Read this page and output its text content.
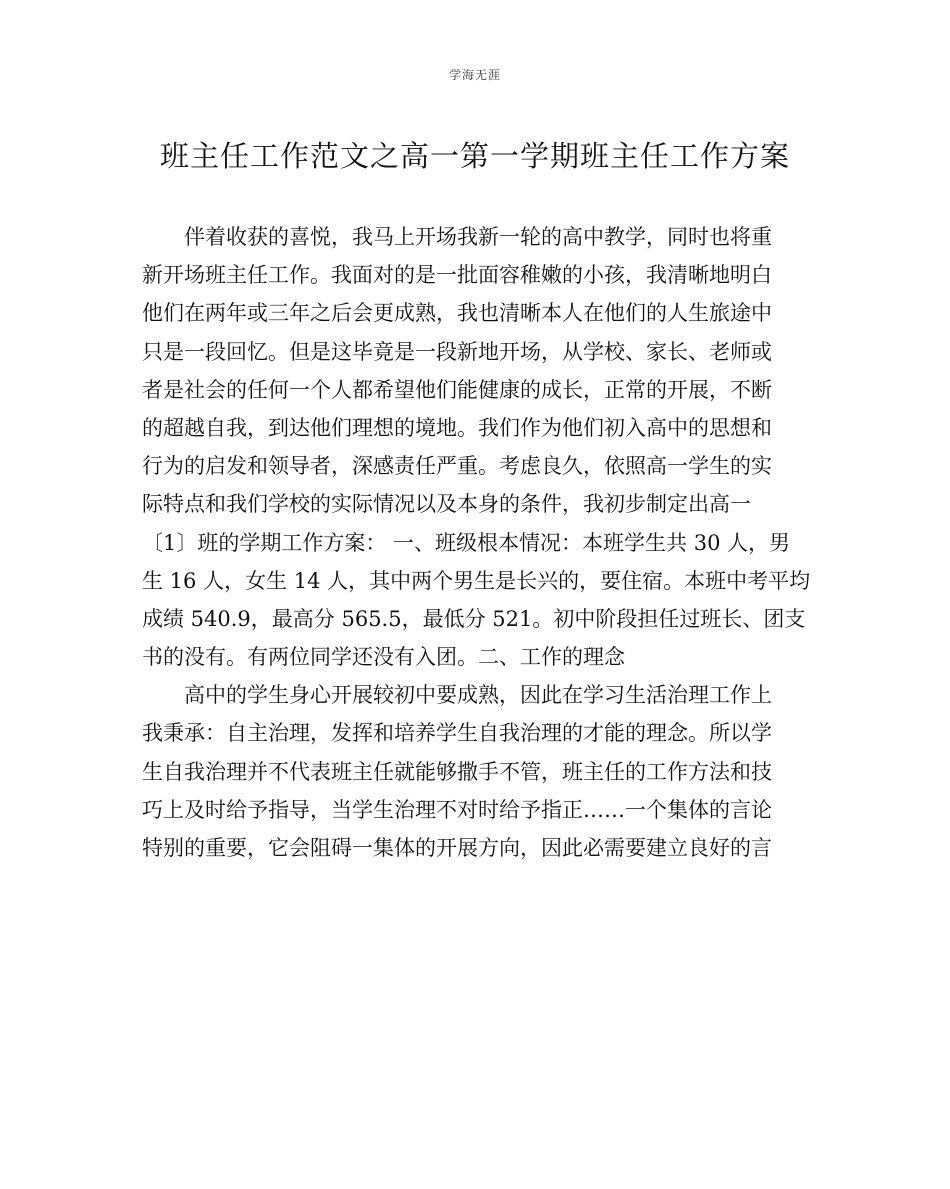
学海无涯
班主任工作范文之高一第一学期班主任工作方案
伴着收获的喜悦，我马上开场我新一轮的高中教学，同时也将重
新开场班主任工作。我面对的是一批面容稚嫩的小孩，我清晰地明白
他们在两年或三年之后会更成熟，我也清晰本人在他们的人生旅途中
只是一段回忆。但是这毕竟是一段新地开场，从学校、家长、老师或
者是社会的任何一个人都希望他们能健康的成长，正常的开展，不断
的超越自我，到达他们理想的境地。我们作为他们初入高中的思想和
行为的启发和领导者，深感责任严重。考虑良久，依照高一学生的实
际特点和我们学校的实际情况以及本身的条件，我初步制定出高一
〔1〕班的学期工作方案： 一、班级根本情况：本班学生共 30 人，男
生 16 人，女生 14 人，其中两个男生是长兴的，要住宿。本班中考平均
成绩 540.9，最高分 565.5，最低分 521。初中阶段担任过班长、团支
书的没有。有两位同学还没有入团。二、工作的理念
高中的学生身心开展较初中要成熟，因此在学习生活治理工作上
我秉承：自主治理，发挥和培养学生自我治理的才能的理念。所以学
生自我治理并不代表班主任就能够撒手不管，班主任的工作方法和技
巧上及时给予指导，当学生治理不对时给予指正……一个集体的言论
特别的重要，它会阻碍一集体的开展方向，因此必需要建立良好的言
